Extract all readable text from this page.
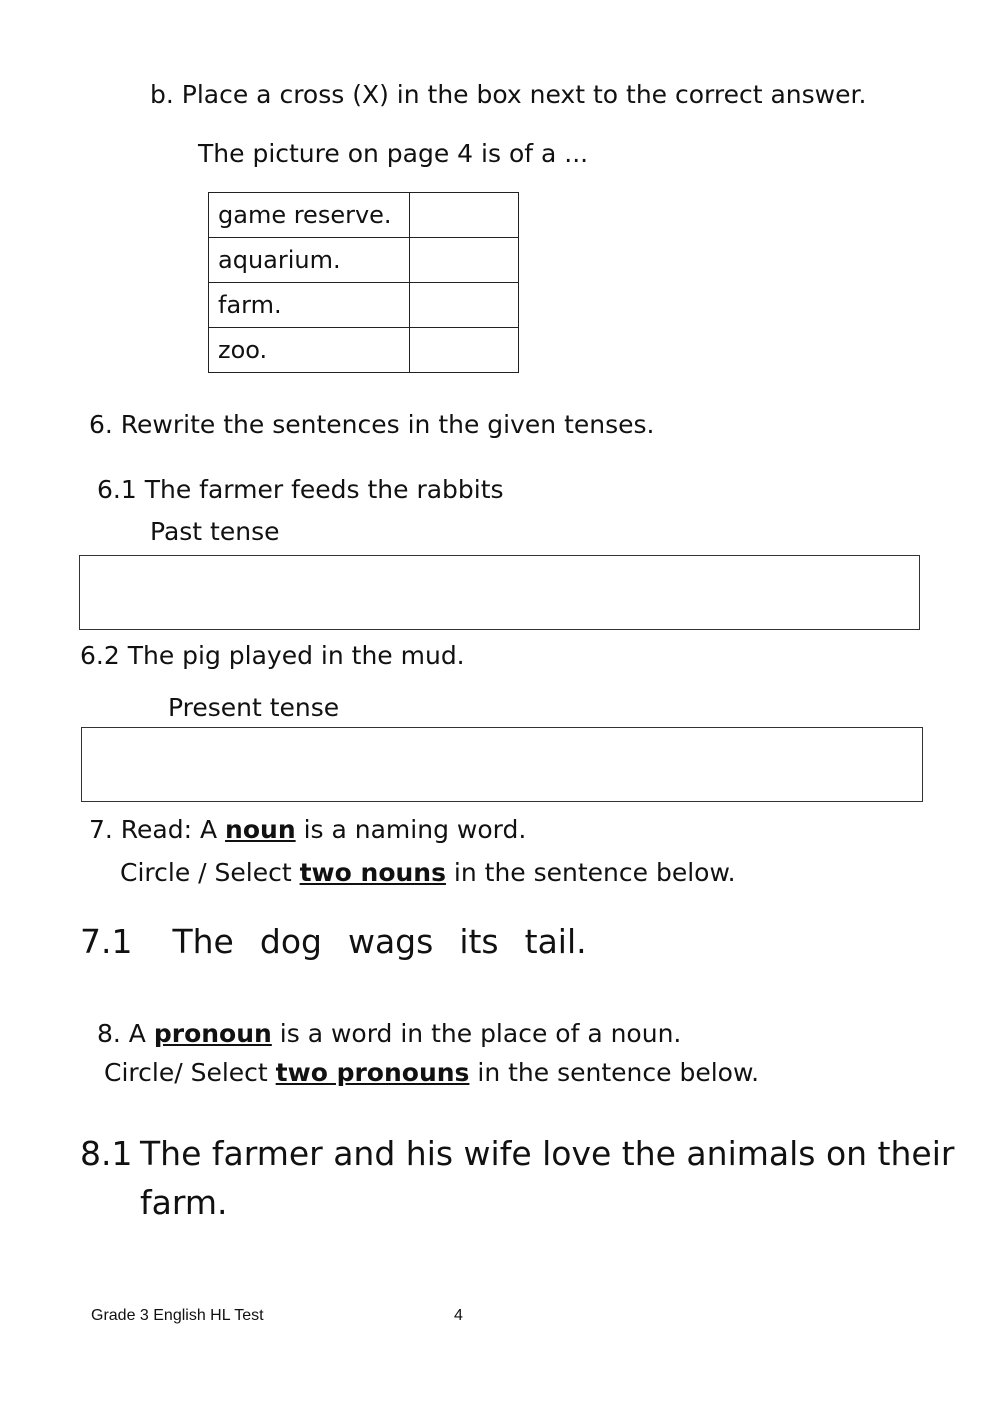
b. Place a cross (X) in the box next to the correct answer.
The picture on page 4 is of a ...
game reserve.	
aquarium.	
farm.	
zoo.	
6. Rewrite the sentences in the given tenses.
6.1 The farmer feeds the rabbits
Past tense
6.2 The pig played in the mud.
Present tense
7. Read: A noun is a naming word.
Circle / Select two nouns in the sentence below.
7.1 The dog wags its tail.
8. A pronoun is a word in the place of a noun.
Circle/ Select two pronouns in the sentence below.
8.1 The farmer and his wife love the animals on their
farm.
Grade 3 English HL Test	4
